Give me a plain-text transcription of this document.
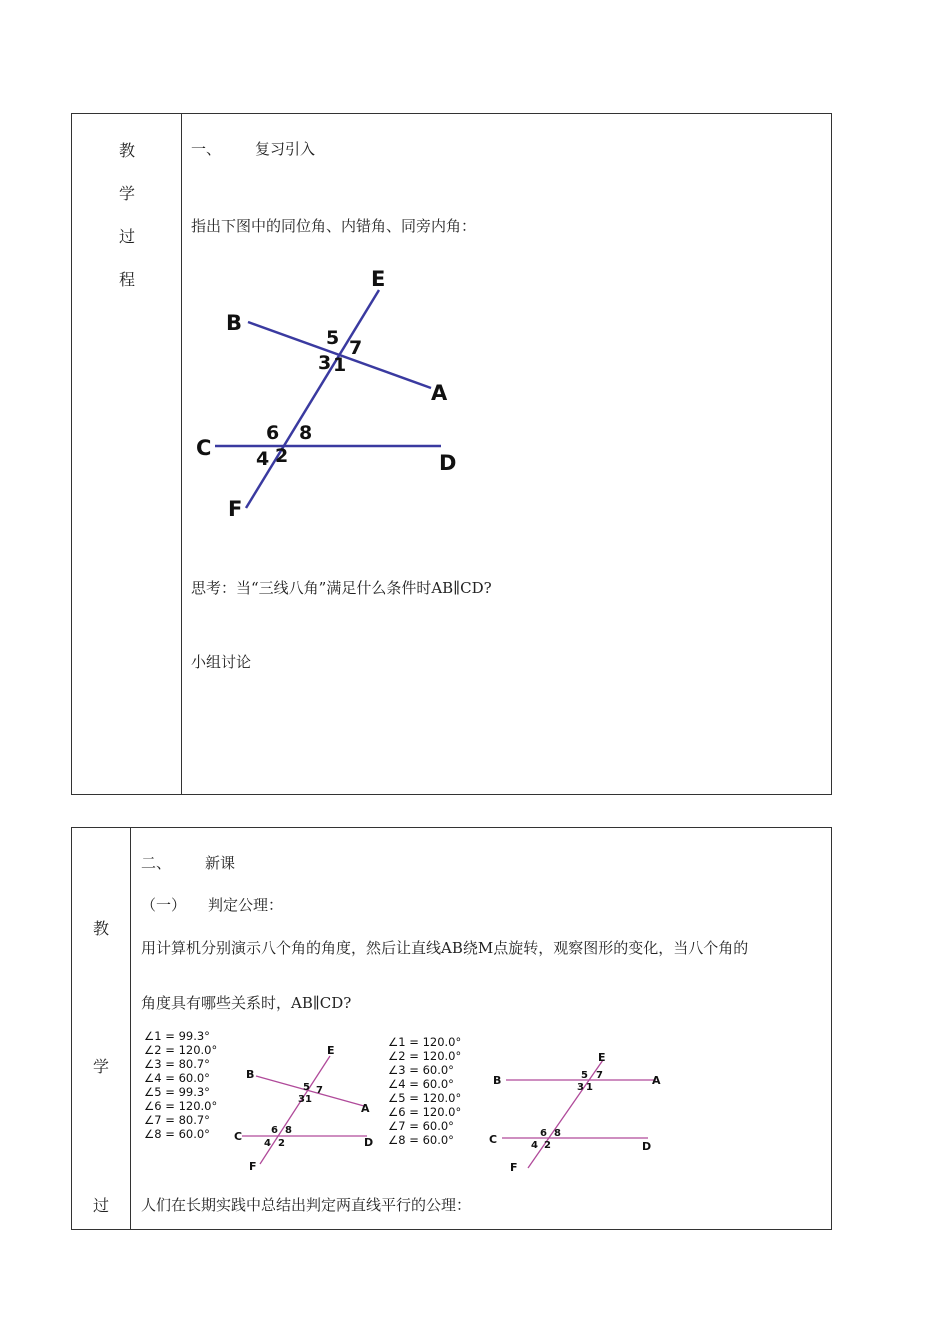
教
学
过
程
一、 复习引入
指出下图中的同位角、内错角、同旁内角：
E
B
A
C
D
F
5 7
3 1
6 8
4 2
思考：当“三线八角”满足什么条件时AB∥CD?
小组讨论
教
学
过
二、 新课
（一） 判定公理：
用计算机分别演示八个角的角度，然后让直线AB绕M点旋转，观察图形的变化，当八个角的
角度具有哪些关系时，AB∥CD?
∠1 = 99.3°
∠2 = 120.0°
∠3 = 80.7°
∠4 = 60.0°
∠5 = 99.3°
∠6 = 120.0°
∠7 = 80.7°
∠8 = 60.0°
E
B
A
C	D
F
5 7
3 1
6 8
4 2
∠1 = 120.0°
∠2 = 120.0°
∠3 = 60.0°
∠4 = 60.0°
∠5 = 120.0°
∠6 = 120.0°
∠7 = 60.0°
∠8 = 60.0°
E
B	A
C
D
F
5 7
3 1
6 8
4 2
人们在长期实践中总结出判定两直线平行的公理：
